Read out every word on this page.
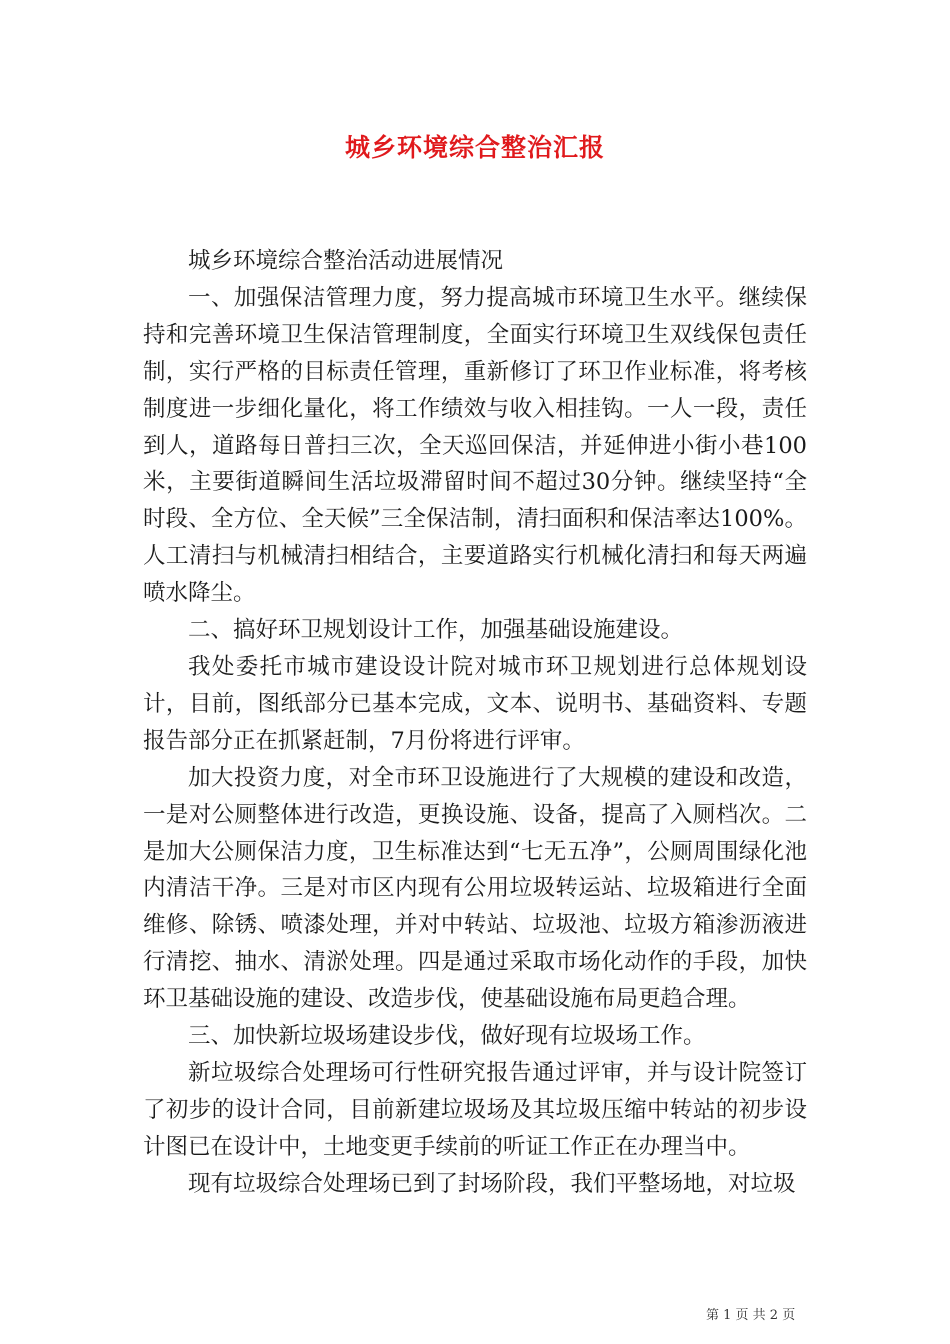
城乡环境综合整治汇报

城乡环境综合整治活动进展情况

一、加强保洁管理力度，努力提高城市环境卫生水平。继续保持和完善环境卫生保洁管理制度，全面实行环境卫生双线保包责任制，实行严格的目标责任管理，重新修订了环卫作业标准，将考核制度进一步细化量化，将工作绩效与收入相挂钩。一人一段，责任到人，道路每日普扫三次，全天巡回保洁，并延伸进小街小巷100米，主要街道瞬间生活垃圾滞留时间不超过30分钟。继续坚持“全时段、全方位、全天候”三全保洁制，清扫面积和保洁率达100%。人工清扫与机械清扫相结合，主要道路实行机械化清扫和每天两遍喷水降尘。

二、搞好环卫规划设计工作，加强基础设施建设。

我处委托市城市建设设计院对城市环卫规划进行总体规划设计，目前，图纸部分已基本完成，文本、说明书、基础资料、专题报告部分正在抓紧赶制，7月份将进行评审。

加大投资力度，对全市环卫设施进行了大规模的建设和改造，一是对公厕整体进行改造，更换设施、设备，提高了入厕档次。二是加大公厕保洁力度，卫生标准达到“七无五净”，公厕周围绿化池内清洁干净。三是对市区内现有公用垃圾转运站、垃圾箱进行全面维修、除锈、喷漆处理，并对中转站、垃圾池、垃圾方箱渗沥液进行清挖、抽水、清淤处理。四是通过采取市场化动作的手段，加快环卫基础设施的建设、改造步伐，使基础设施布局更趋合理。

三、加快新垃圾场建设步伐，做好现有垃圾场工作。

新垃圾综合处理场可行性研究报告通过评审，并与设计院签订了初步的设计合同，目前新建垃圾场及其垃圾压缩中转站的初步设计图已在设计中，土地变更手续前的听证工作正在办理当中。

现有垃圾综合处理场已到了封场阶段，我们平整场地，对垃圾

第 1 页 共 2 页
